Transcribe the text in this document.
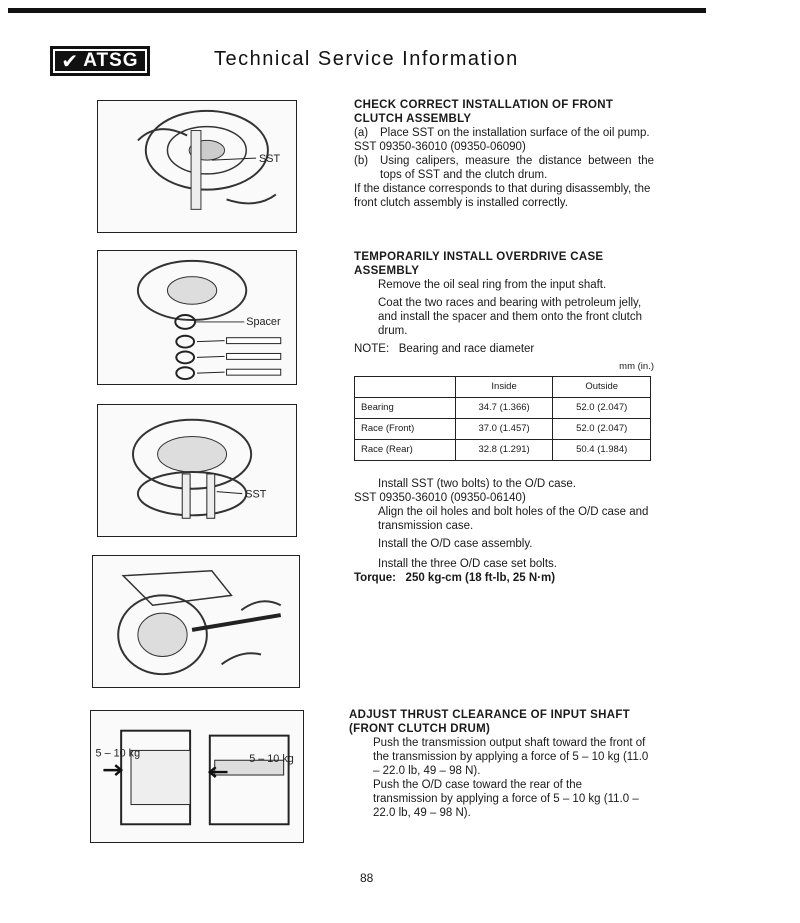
✔ ATSG	Technical Service Information
SST
Spacer
SST
5 – 10 kg	5 – 10 kg

CHECK CORRECT INSTALLATION OF FRONT CLUTCH ASSEMBLY

(a)	Place SST on the installation surface of the oil pump.

SST 09350-36010 (09350-06090)

(b)	Using calipers, measure the distance between the tops of SST and the clutch drum.

If the distance corresponds to that during disassembly, the front clutch assembly is installed correctly.

TEMPORARILY INSTALL OVERDRIVE CASE ASSEMBLY

Remove the oil seal ring from the input shaft.

Coat the two races and bearing with petroleum jelly, and install the spacer and them onto the front clutch drum.

NOTE: Bearing and race diameter

mm (in.)
	Inside	Outside
Bearing	34.7 (1.366)	52.0 (2.047)
Race (Front)	37.0 (1.457)	52.0 (2.047)
Race (Rear)	32.8 (1.291)	50.4 (1.984)

Install SST (two bolts) to the O/D case.

SST 09350-36010 (09350-06140)

Align the oil holes and bolt holes of the O/D case and transmission case.

Install the O/D case assembly.

Install the three O/D case set bolts.

Torque: 250 kg-cm (18 ft-lb, 25 N·m)

ADJUST THRUST CLEARANCE OF INPUT SHAFT (FRONT CLUTCH DRUM)

Push the transmission output shaft toward the front of the transmission by applying a force of 5 – 10 kg (11.0 – 22.0 lb, 49 – 98 N).

Push the O/D case toward the rear of the transmission by applying a force of 5 – 10 kg (11.0 – 22.0 lb, 49 – 98 N).

88
